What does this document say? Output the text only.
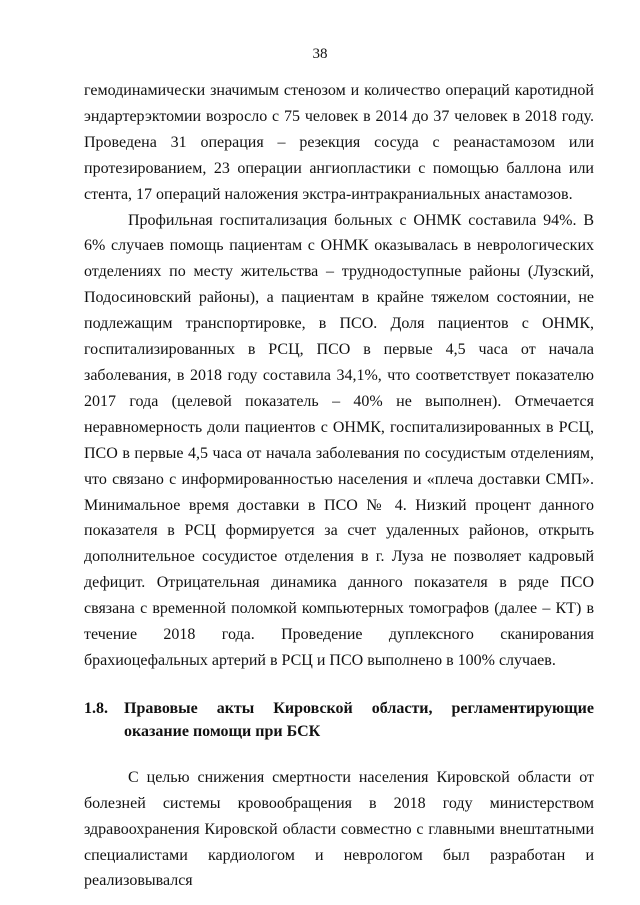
38

гемодинамически значимым стенозом и количество операций каротидной эндартерэктомии возросло с 75 человек в 2014 до 37 человек в 2018 году. Проведена 31 операция – резекция сосуда с реанастамозом или протезированием, 23 операции ангиопластики с помощью баллона или стента, 17 операций наложения экстра-интракраниальных анастамозов.

Профильная госпитализация больных с ОНМК составила 94%. В 6% случаев помощь пациентам с ОНМК оказывалась в неврологических отделениях по месту жительства – труднодоступные районы (Лузский, Подосиновский районы), а пациентам в крайне тяжелом состоянии, не подлежащим транспортировке, в ПСО. Доля пациентов с ОНМК, госпитализированных в РСЦ, ПСО в первые 4,5 часа от начала заболевания, в 2018 году составила 34,1%, что соответствует показателю 2017 года (целевой показатель – 40% не выполнен). Отмечается неравномерность доли пациентов с ОНМК, госпитализированных в РСЦ, ПСО в первые 4,5 часа от начала заболевания по сосудистым отделениям, что связано с информированностью населения и «плеча доставки СМП». Минимальное время доставки в ПСО № 4. Низкий процент данного показателя в РСЦ формируется за счет удаленных районов, открыть дополнительное сосудистое отделения в г. Луза не позволяет кадровый дефицит. Отрицательная динамика данного показателя в ряде ПСО связана с временной поломкой компьютерных томографов (далее – КТ) в течение 2018 года. Проведение дуплексного сканирования брахиоцефальных артерий в РСЦ и ПСО выполнено в 100% случаев.

1.8.	Правовые акты Кировской области, регламентирующие оказание помощи при БСК

С целью снижения смертности населения Кировской области от болезней системы кровообращения в 2018 году министерством здравоохранения Кировской области совместно с главными внештатными специалистами кардиологом и неврологом был разработан и реализовывался
